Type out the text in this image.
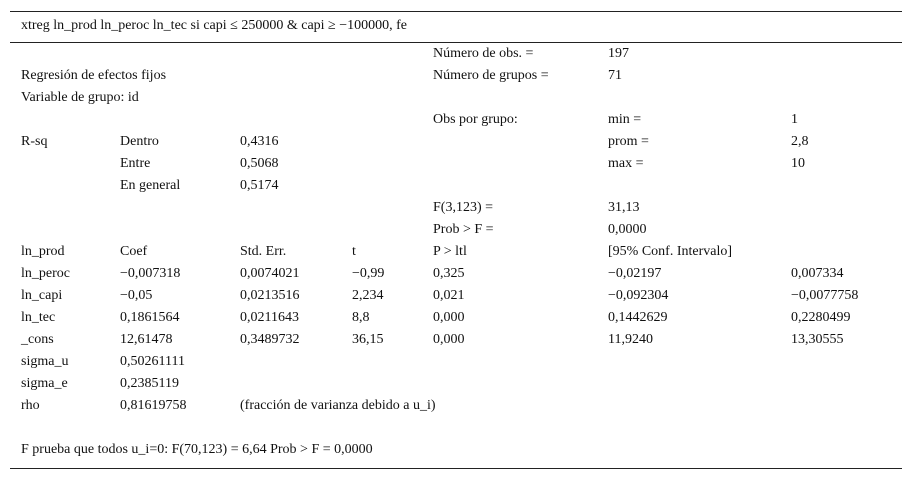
xtreg ln_prod ln_peroc ln_tec si capi ≤ 250000 & capi ≥ −100000, fe
Número de obs. =	197
Regresión de efectos fijos	Número de grupos =	71
Variable de grupo: id
Obs por grupo:	min =	1
R-sq	Dentro	0,4316	prom =	2,8
Entre	0,5068	max =	10
En general	0,5174
F(3,123) =	31,13
Prob > F =	0,0000
ln_prod	Coef	Std. Err.	t	P > ltl	[95% Conf. Intervalo]
ln_peroc	−0,007318	0,0074021	−0,99	0,325	−0,02197	0,007334
ln_capi	−0,05	0,0213516	2,234	0,021	−0,092304	−0,0077758
ln_tec	0,1861564	0,0211643	8,8	0,000	0,1442629	0,2280499
_cons	12,61478	0,3489732	36,15	0,000	11,9240	13,30555
sigma_u	0,50261111
sigma_e	0,2385119
rho	0,81619758	(fracción de varianza debido a u_i)
F prueba que todos u_i=0: F(70,123) = 6,64 Prob > F = 0,0000
